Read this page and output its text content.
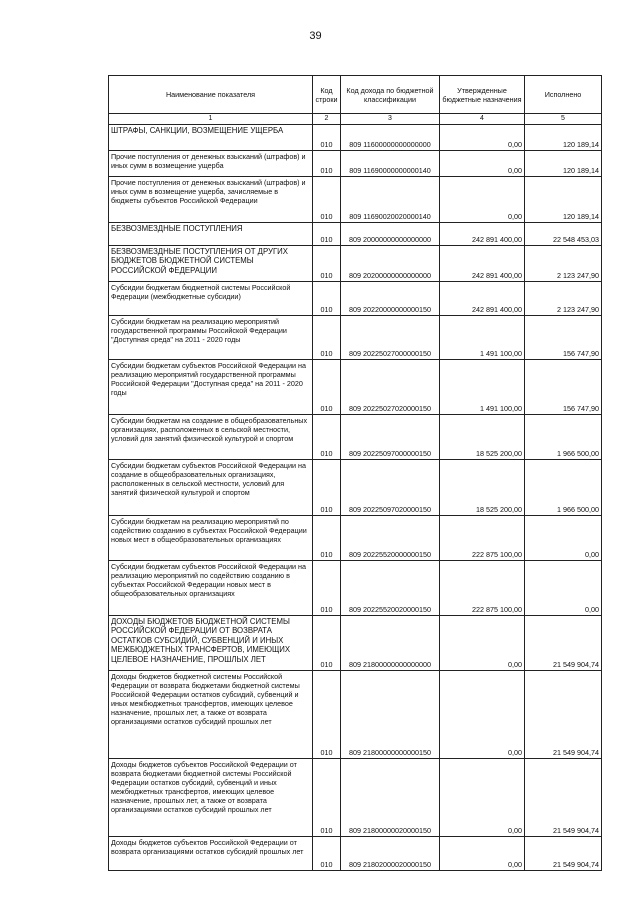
39
Наименование показателя	Код строки	Код дохода по бюджетной классификации	Утвержденные бюджетные назначения	Исполнено
1	2	3	4	5
ШТРАФЫ, САНКЦИИ, ВОЗМЕЩЕНИЕ УЩЕРБА	010	809 11600000000000000	0,00	120 189,14
Прочие поступления от денежных взысканий (штрафов) и иных сумм в возмещение ущерба	010	809 11690000000000140	0,00	120 189,14
Прочие поступления от денежных взысканий (штрафов) и иных сумм в возмещение ущерба, зачисляемые в бюджеты субъектов Российской Федерации	010	809 11690020020000140	0,00	120 189,14
БЕЗВОЗМЕЗДНЫЕ ПОСТУПЛЕНИЯ	010	809 20000000000000000	242 891 400,00	22 548 453,03
БЕЗВОЗМЕЗДНЫЕ ПОСТУПЛЕНИЯ ОТ ДРУГИХ БЮДЖЕТОВ БЮДЖЕТНОЙ СИСТЕМЫ РОССИЙСКОЙ ФЕДЕРАЦИИ	010	809 20200000000000000	242 891 400,00	2 123 247,90
Субсидии бюджетам бюджетной системы Российской Федерации (межбюджетные субсидии)	010	809 20220000000000150	242 891 400,00	2 123 247,90
Субсидии бюджетам на реализацию мероприятий государственной программы Российской Федерации "Доступная среда" на 2011 - 2020 годы	010	809 20225027000000150	1 491 100,00	156 747,90
Субсидии бюджетам субъектов Российской Федерации на реализацию мероприятий государственной программы Российской Федерации "Доступная среда" на 2011 - 2020 годы	010	809 20225027020000150	1 491 100,00	156 747,90
Субсидии бюджетам на создание в общеобразовательных организациях, расположенных в сельской местности, условий для занятий физической культурой и спортом	010	809 20225097000000150	18 525 200,00	1 966 500,00
Субсидии бюджетам субъектов Российской Федерации на создание в общеобразовательных организациях, расположенных в сельской местности, условий для занятий физической культурой и спортом	010	809 20225097020000150	18 525 200,00	1 966 500,00
Субсидии бюджетам на реализацию мероприятий по содействию созданию в субъектах Российской Федерации новых мест в общеобразовательных организациях	010	809 20225520000000150	222 875 100,00	0,00
Субсидии бюджетам субъектов Российской Федерации на реализацию мероприятий по содействию созданию в субъектах Российской Федерации новых мест в общеобразовательных организациях	010	809 20225520020000150	222 875 100,00	0,00
ДОХОДЫ БЮДЖЕТОВ БЮДЖЕТНОЙ СИСТЕМЫ РОССИЙСКОЙ ФЕДЕРАЦИИ ОТ ВОЗВРАТА ОСТАТКОВ СУБСИДИЙ, СУБВЕНЦИЙ И ИНЫХ МЕЖБЮДЖЕТНЫХ ТРАНСФЕРТОВ, ИМЕЮЩИХ ЦЕЛЕВОЕ НАЗНАЧЕНИЕ, ПРОШЛЫХ ЛЕТ	010	809 21800000000000000	0,00	21 549 904,74
Доходы бюджетов бюджетной системы Российской Федерации от возврата бюджетами бюджетной системы Российской Федерации остатков субсидий, субвенций и иных межбюджетных трансфертов, имеющих целевое назначение, прошлых лет, а также от возврата организациями остатков субсидий прошлых лет	010	809 21800000000000150	0,00	21 549 904,74
Доходы бюджетов субъектов Российской Федерации от возврата бюджетами бюджетной системы Российской Федерации остатков субсидий, субвенций и иных межбюджетных трансфертов, имеющих целевое назначение, прошлых лет, а также от возврата организациями остатков субсидий прошлых лет	010	809 21800000020000150	0,00	21 549 904,74
Доходы бюджетов субъектов Российской Федерации от возврата организациями остатков субсидий прошлых лет	010	809 21802000020000150	0,00	21 549 904,74
